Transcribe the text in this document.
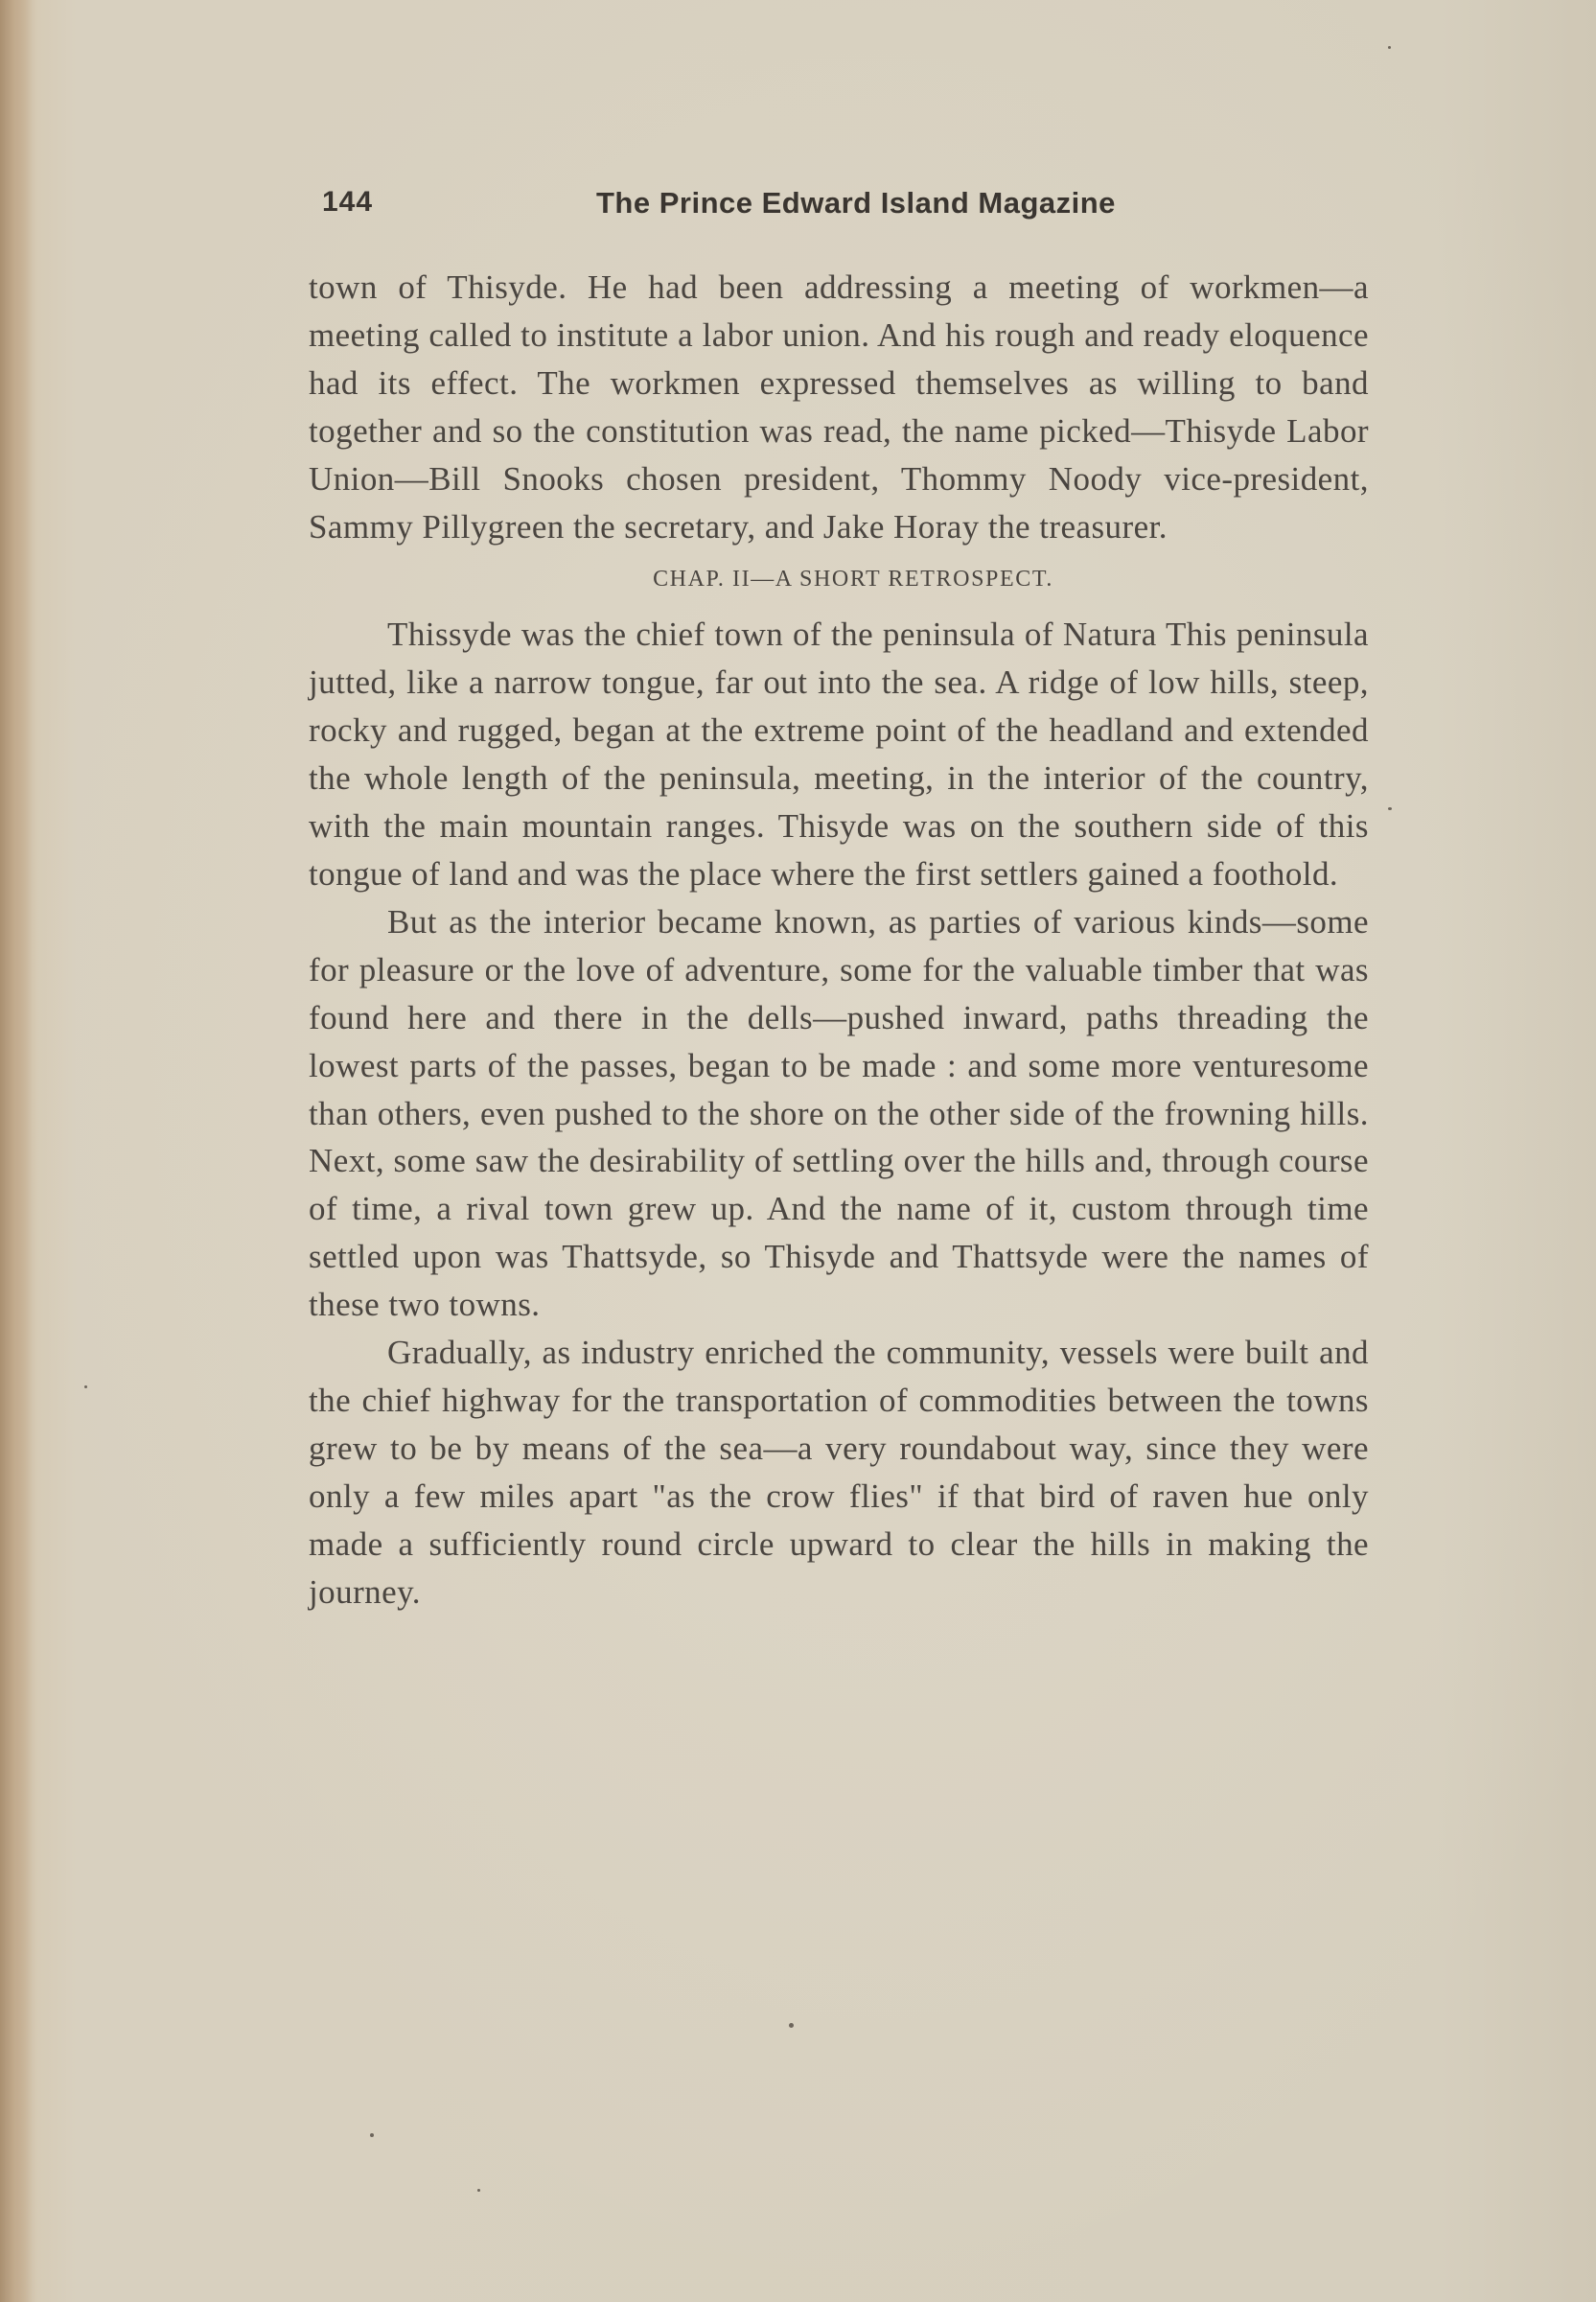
144	The Prince Edward Island Magazine

town of Thisyde. He had been addressing a meeting of workmen—a meeting called to institute a labor union. And his rough and ready eloquence had its effect. The workmen expressed themselves as willing to band together and so the constitution was read, the name picked—Thisyde Labor Union—Bill Snooks chosen president, Thommy Noody vice-president, Sammy Pillygreen the secretary, and Jake Horay the treasurer.

CHAP. II—A SHORT RETROSPECT.

Thissyde was the chief town of the peninsula of Natura This peninsula jutted, like a narrow tongue, far out into the sea. A ridge of low hills, steep, rocky and rugged, began at the extreme point of the headland and extended the whole length of the peninsula, meeting, in the interior of the country, with the main mountain ranges. Thisyde was on the southern side of this tongue of land and was the place where the first settlers gained a foothold.

But as the interior became known, as parties of various kinds—some for pleasure or the love of adventure, some for the valuable timber that was found here and there in the dells—pushed inward, paths threading the lowest parts of the passes, began to be made : and some more venturesome than others, even pushed to the shore on the other side of the frowning hills. Next, some saw the desirability of settling over the hills and, through course of time, a rival town grew up. And the name of it, custom through time settled upon was Thattsyde, so Thisyde and Thattsyde were the names of these two towns.

Gradually, as industry enriched the community, vessels were built and the chief highway for the transportation of commodities between the towns grew to be by means of the sea—a very roundabout way, since they were only a few miles apart "as the crow flies" if that bird of raven hue only made a sufficiently round circle upward to clear the hills in making the journey.
